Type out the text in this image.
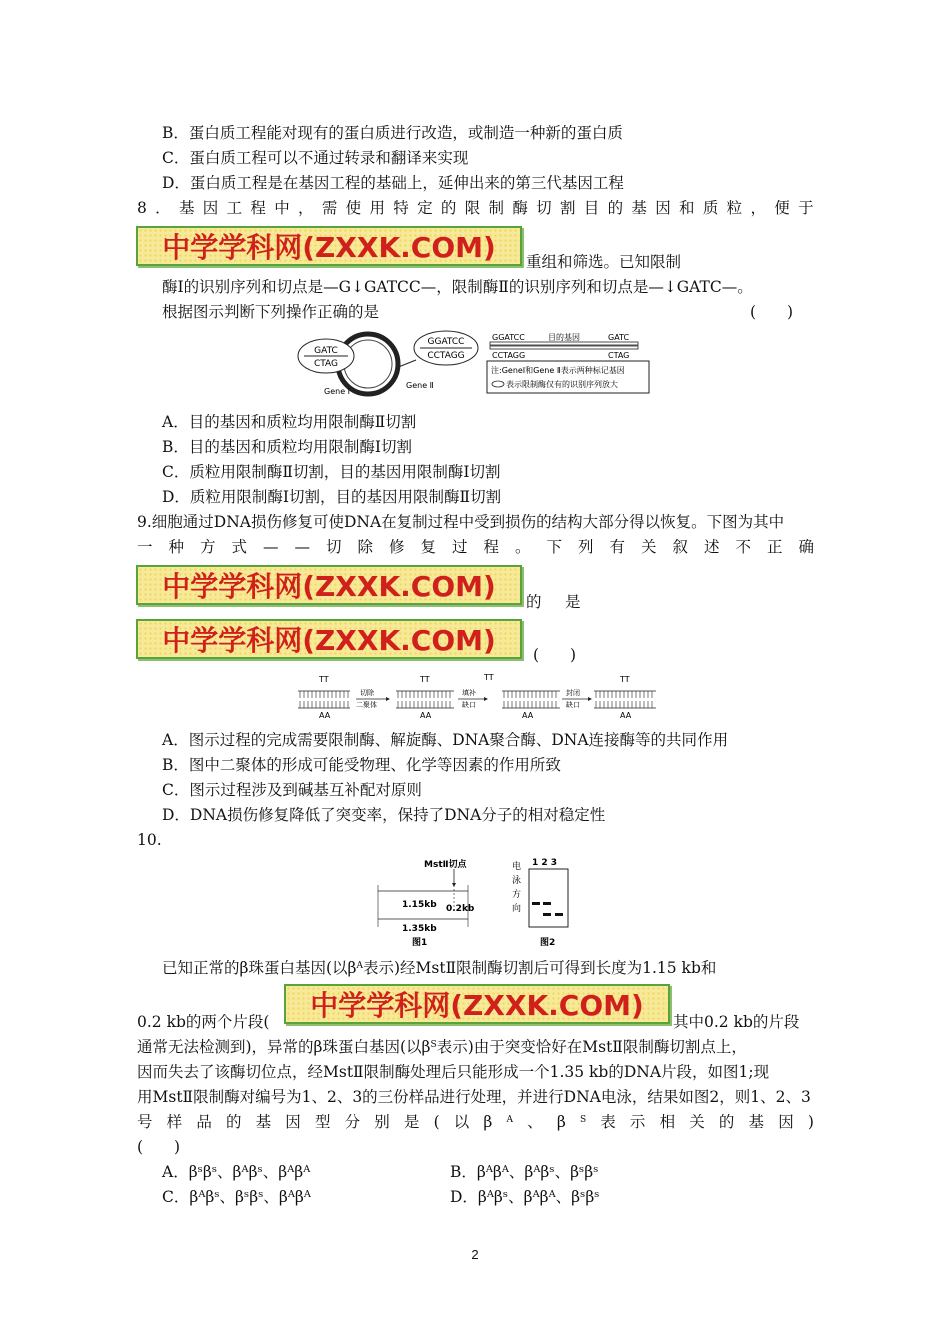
B．蛋白质工程能对现有的蛋白质进行改造，或制造一种新的蛋白质
C．蛋白质工程可以不通过转录和翻译来实现
D．蛋白质工程是在基因工程的基础上，延伸出来的第三代基因工程
8 ． 基 因 工 程 中 ， 需 使 用 特 定 的 限 制 酶 切 割 目 的 基 因 和 质 粒 ， 便 于
中学学科网(ZXXK.COM) 重组和筛选。已知限制
酶Ⅰ的识别序列和切点是—G↓GATCC—，限制酶Ⅱ的识别序列和切点是—↓GATC—。
根据图示判断下列操作正确的是	(　　)
GATC
CTAG
GGATCC
CCTAGG
Gene Ⅰ
Gene Ⅱ
GGATCC	目的基因	GATC
CCTAGG	CTAG
注:GeneⅠ和Gene Ⅱ表示两种标记基因
表示限制酶仅有的识别序列放大
A．目的基因和质粒均用限制酶Ⅱ切割
B．目的基因和质粒均用限制酶Ⅰ切割
C．质粒用限制酶Ⅱ切割，目的基因用限制酶Ⅰ切割
D．质粒用限制酶Ⅰ切割，目的基因用限制酶Ⅱ切割
9.细胞通过DNA损伤修复可使DNA在复制过程中受到损伤的结构大部分得以恢复。下图为其中
一 种 方 式 — — 切 除 修 复 过 程 。 下 列 有 关 叙 述 不 正 确
中学学科网(ZXXK.COM) 的 是
中学学科网(ZXXK.COM) (　　)
TT
AA
切除
二聚体
TT
AA
填补
缺口
TT
AA
封闭
缺口
TT
AA
A．图示过程的完成需要限制酶、解旋酶、DNA聚合酶、DNA连接酶等的共同作用
B．图中二聚体的形成可能受物理、化学等因素的作用所致
C．图示过程涉及到碱基互补配对原则
D．DNA损伤修复降低了突变率，保持了DNA分子的相对稳定性
10.
MstⅡ切点
1.15kb 0.2kb
1.35kb
图1
电
泳
方
向
1 2 3
图2
已知正常的β珠蛋白基因(以$\beta^A$表示)经MstⅡ限制酶切割后可得到长度为1.15 kb和
0.2 kb的两个片段( 中学学科网(ZXXK.COM) 其中0.2 kb的片段
通常无法检测到)，异常的β珠蛋白基因(以$\beta^S$表示)由于突变恰好在MstⅡ限制酶切割点上，
因而失去了该酶切位点，经MstⅡ限制酶处理后只能形成一个1.35 kb的DNA片段，如图1;现
用MstⅡ限制酶对编号为1、2、3的三份样品进行处理，并进行DNA电泳，结果如图2，则1、2、3
号 样 品 的 基 因 型 分 别 是 ( 以 β $^A$ 、 β $^S$ 表 示 相 关 的 基 因 )
(　　)
A．βˢβˢ、βᴬβˢ、βᴬβᴬ	B．βᴬβᴬ、βᴬβˢ、βˢβˢ
C．βᴬβˢ、βˢβˢ、βᴬβᴬ	D．βᴬβˢ、βᴬβᴬ、βˢβˢ
2
